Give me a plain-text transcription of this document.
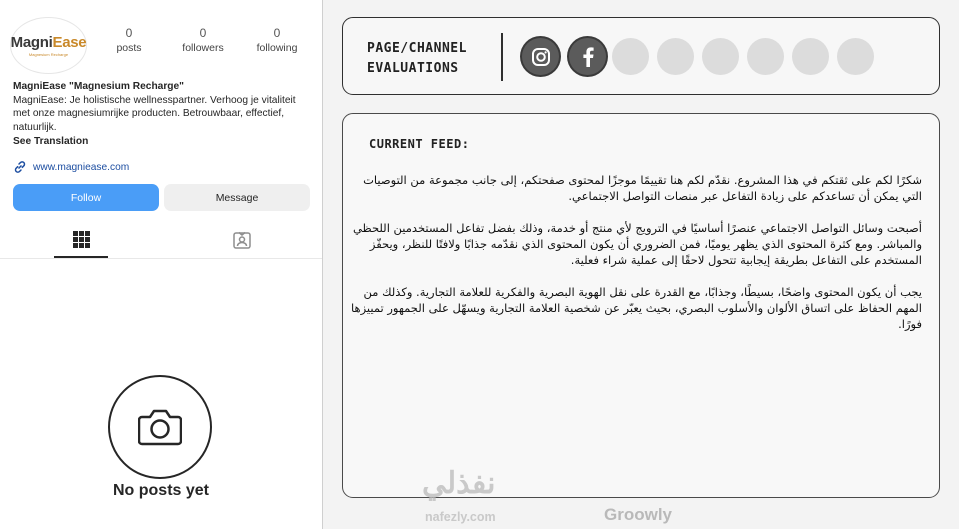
MagniEase
Magnesium Recharge
0
posts
0
followers
0
following
MagniEase "Magnesium Recharge"
MagniEase: Je holistische wellnesspartner. Verhoog je vitaliteit met onze magnesiumrijke producten. Betrouwbaar, effectief, natuurlijk.
See Translation
www.magniease.com
Follow	Message
No posts yet
PAGE/CHANNEL
EVALUATIONS
CURRENT FEED:

شكرًا لكم على ثقتكم في هذا المشروع. نقدّم لكم هنا تقييمًا موجزًا لمحتوى صفحتكم، إلى جانب مجموعة من التوصيات التي يمكن أن تساعدكم على زيادة التفاعل عبر منصات التواصل الاجتماعي.

أصبحت وسائل التواصل الاجتماعي عنصرًا أساسيًا في الترويج لأي منتج أو خدمة، وذلك بفضل تفاعل المستخدمين اللحظي والمباشر. ومع كثرة المحتوى الذي يظهر يوميًا، فمن الضروري أن يكون المحتوى الذي نقدّمه جذابًا ولافتًا للنظر، ويحفّز المستخدم على التفاعل بطريقة إيجابية تتحول لاحقًا إلى عملية شراء فعلية.

يجب أن يكون المحتوى واضحًا، بسيطًا، وجذابًا، مع القدرة على نقل الهوية البصرية والفكرية للعلامة التجارية. وكذلك من المهم الحفاظ على اتساق الألوان والأسلوب البصري، بحيث يعبّر عن شخصية العلامة التجارية ويسهّل على الجمهور تمييزها فورًا.

نفذلي
nafezly.com	Groowly
